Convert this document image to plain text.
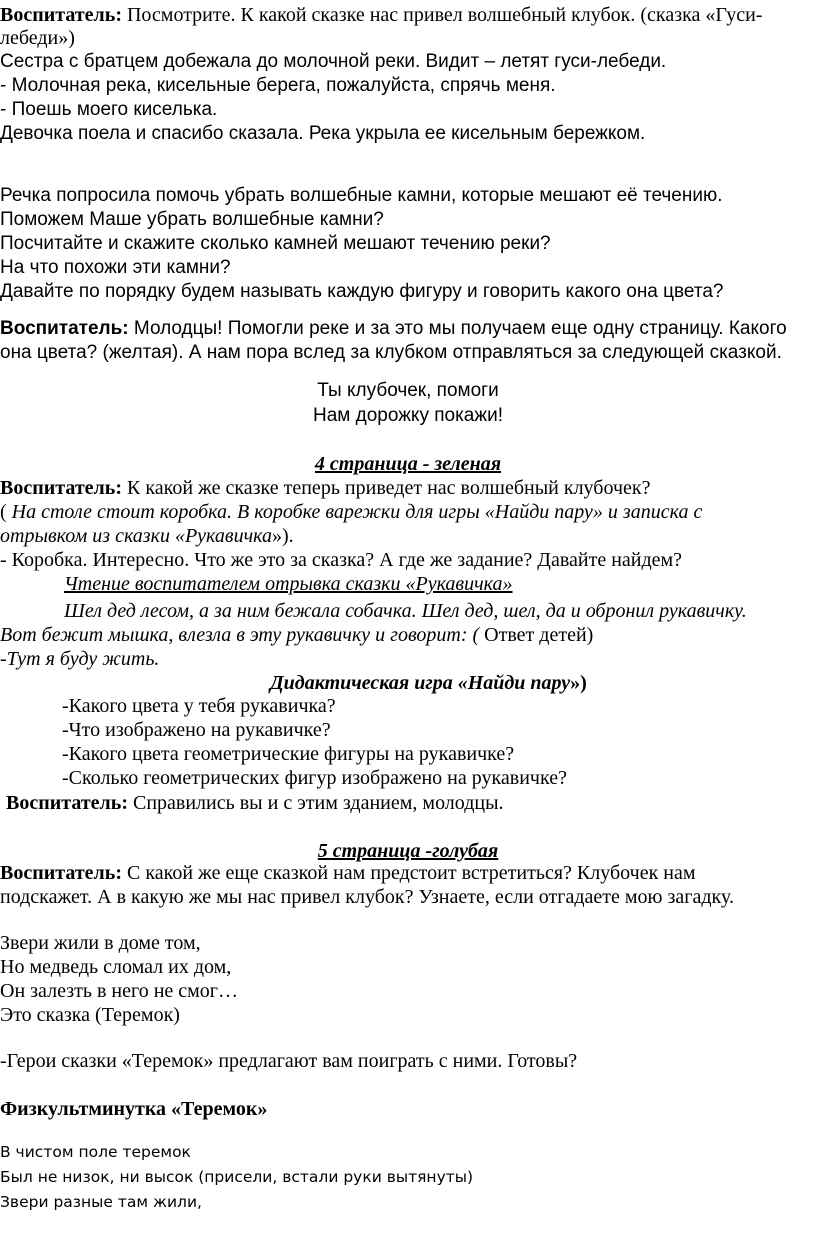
Воспитатель: Посмотрите. К какой сказке нас привел волшебный клубок. (сказка «Гуси-
лебеди»)
Сестра с братцем добежала до молочной реки. Видит – летят гуси-лебеди.
- Молочная река, кисельные берега, пожалуйста, спрячь меня.
- Поешь моего киселька.
Девочка поела и спасибо сказала. Река укрыла ее кисельным бережком.
Речка попросила помочь убрать волшебные камни, которые мешают её течению.
Поможем Маше убрать волшебные камни?
Посчитайте и скажите сколько камней мешают течению реки?
На что похожи эти камни?
Давайте по порядку будем называть каждую фигуру и говорить какого она цвета?
Воспитатель: Молодцы! Помогли реке и за это мы получаем еще одну страницу. Какого
она цвета? (желтая). А нам пора вслед за клубком отправляться за следующей сказкой.
Ты клубочек, помоги
Нам дорожку покажи!
4 страница - зеленая
Воспитатель: К какой же сказке теперь приведет нас волшебный клубочек?
( На столе стоит коробка. В коробке варежки для игры «Найди пару» и записка с
отрывком из сказки «Рукавичка»).
- Коробка. Интересно. Что же это за сказка? А где же задание? Давайте найдем?
Чтение воспитателем отрывка сказки «Рукавичка»
Шел дед лесом, а за ним бежала собачка. Шел дед, шел, да и обронил рукавичку.
Вот бежит мышка, влезла в эту рукавичку и говорит: ( Ответ детей)
-Тут я буду жить.
Дидактическая игра «Найди пару»)
-Какого цвета у тебя рукавичка?
-Что изображено на рукавичке?
-Какого цвета геометрические фигуры на рукавичке?
-Сколько геометрических фигур изображено на рукавичке?
Воспитатель: Справились вы и с этим зданием, молодцы.
5 страница -голубая
Воспитатель: С какой же еще сказкой нам предстоит встретиться? Клубочек нам
подскажет. А в какую же мы нас привел клубок? Узнаете, если отгадаете мою загадку.
Звери жили в доме том,
Но медведь сломал их дом,
Он залезть в него не смог…
Это сказка (Теремок)
-Герои сказки «Теремок» предлагают вам поиграть с ними. Готовы?
Физкультминутка «Теремок»
В чистом поле теремок
Был не низок, ни высок (присели, встали руки вытянуты)
Звери разные там жили,
